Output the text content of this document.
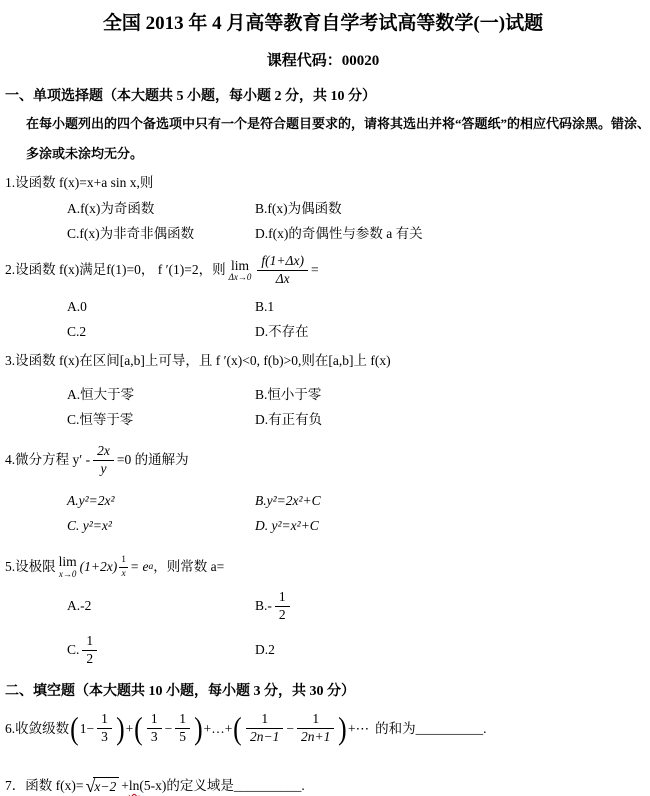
全国 2013 年 4 月高等教育自学考试高等数学(一)试题
课程代码：00020
一、单项选择题（本大题共 5 小题，每小题 2 分，共 10 分）
在每小题列出的四个备选项中只有一个是符合题目要求的，请将其选出并将“答题纸”的相应代码涂黑。错涂、
多涂或未涂均无分。
1.设函数 f(x)=x+a sin x,则
A.f(x)为奇函数	B.f(x)为偶函数
C.f(x)为非奇非偶函数	D.f(x)的奇偶性与参数 a 有关
2.设函数 f(x)满足f(1)=0， f ′(1)=2，则 lim
$\Delta x\to 0 \frac{f(1+\Delta x)}{\Delta x}$ =
A.0	B.1
C.2	D.不存在
3.设函数 f(x)在区间[a,b]上可导，且 f ′(x)<0, f(b)>0,则在[a,b]上 f(x)
A.恒大于零	B.恒小于零
C.恒等于零	D.有正有负
4.微分方程 $y' - \frac{2x}{y} =0$ 的通解为
A.y²=2x²	B.y²=2x²+C
C. y²=x²	D. y²=x²+C
5.设极限 lim
x→0
$(1+2x) \frac{1}{x} = e$ a ，则常数 a=
A.-2	$B.- \frac{1}{2}$
C. $\frac{1}{2}$	D.2
二、填空题（本大题共 10 小题，每小题 3 分，共 30 分）
6.收敛级数 ( $1- \frac{1}{3}$ ) + ( $\frac{1}{3} - \frac{1}{5}$ ) +…+ ( $\frac{1}{2n-1} - \frac{1}{2n+1}$ ) +⋯ 的和为 __________.
7．函数 f(x)= √ x−2 + ln (5-x)的定义域是 __________.
